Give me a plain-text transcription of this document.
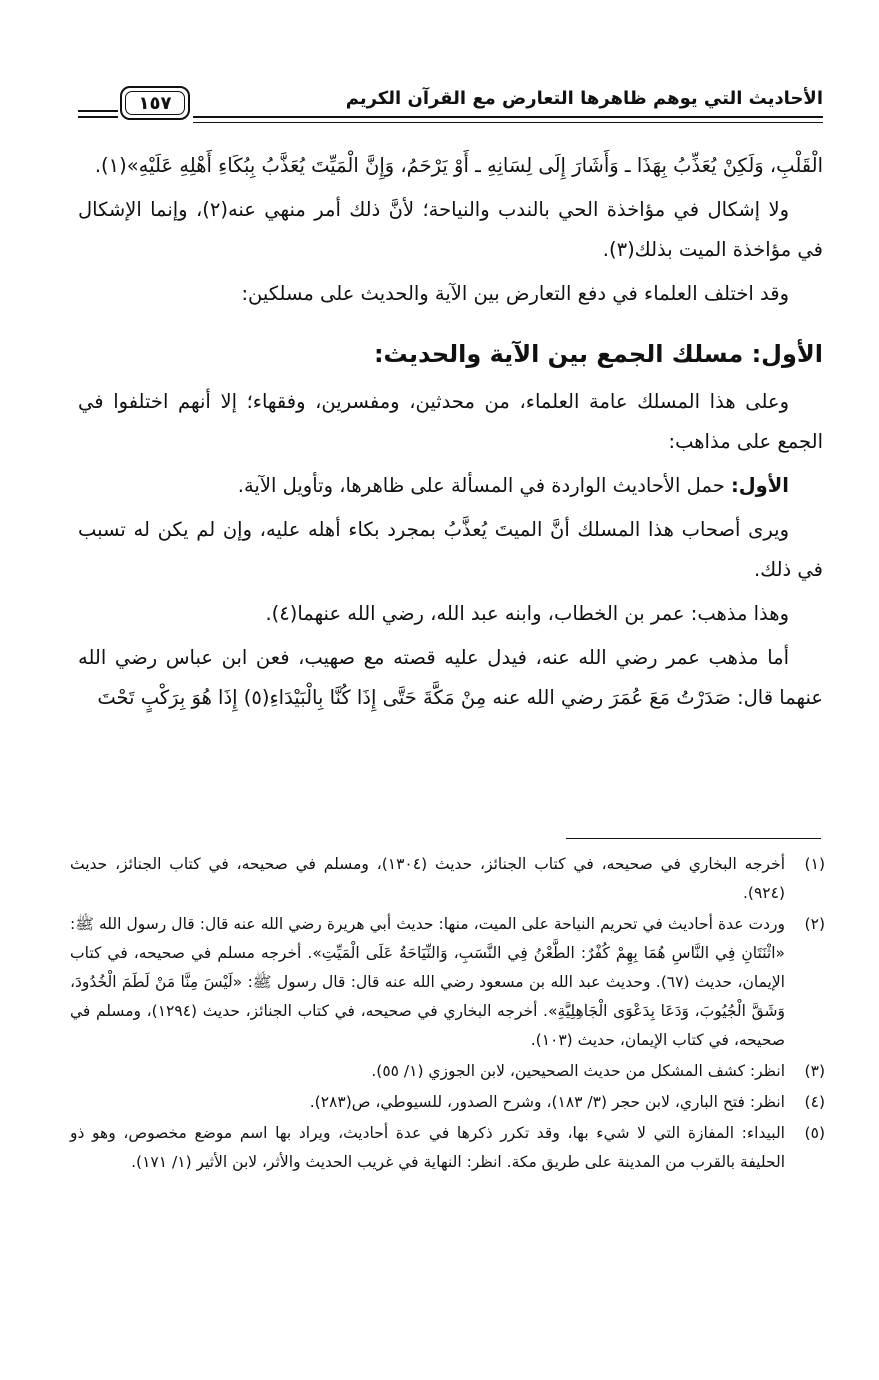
الأحاديث التي يوهم ظاهرها التعارض مع القرآن الكريم
١٥٧

الْقَلْبِ، وَلَكِنْ يُعَذِّبُ بِهَذَا ـ وَأَشَارَ إِلَى لِسَانِهِ ـ أَوْ يَرْحَمُ، وَإِنَّ الْمَيِّتَ يُعَذَّبُ بِبُكَاءِ أَهْلِهِ عَلَيْهِ»(١).

ولا إشكال في مؤاخذة الحي بالندب والنياحة؛ لأنَّ ذلك أمر منهي عنه(٢)، وإنما الإشكال في مؤاخذة الميت بذلك(٣).

وقد اختلف العلماء في دفع التعارض بين الآية والحديث على مسلكين:

الأول: مسلك الجمع بين الآية والحديث:

وعلى هذا المسلك عامة العلماء، من محدثين، ومفسرين، وفقهاء؛ إلا أنهم اختلفوا في الجمع على مذاهب:

الأول: حمل الأحاديث الواردة في المسألة على ظاهرها، وتأويل الآية.

ويرى أصحاب هذا المسلك أنَّ الميتَ يُعذَّبُ بمجرد بكاء أهله عليه، وإن لم يكن له تسبب في ذلك.

وهذا مذهب: عمر بن الخطاب، وابنه عبد الله، رضي الله عنهما(٤).

أما مذهب عمر رضي الله عنه، فيدل عليه قصته مع صهيب، فعن ابن عباس رضي الله عنهما قال: صَدَرْتُ مَعَ عُمَرَ رضي الله عنه مِنْ مَكَّةَ حَتَّى إِذَا كُنَّا بِالْبَيْدَاءِ(٥) إِذَا هُوَ بِرَكْبٍ تَحْتَ

(١)
أخرجه البخاري في صحيحه، في كتاب الجنائز، حديث (١٣٠٤)، ومسلم في صحيحه، في كتاب الجنائز، حديث (٩٢٤).
(٢)
وردت عدة أحاديث في تحريم النياحة على الميت، منها: حديث أبي هريرة رضي الله عنه قال: قال رسول الله ﷺ: «اثْنَتَانِ فِي النَّاسِ هُمَا بِهِمْ كُفْرٌ: الطَّعْنُ فِي النَّسَبِ، وَالنِّيَاحَةُ عَلَى الْمَيِّتِ». أخرجه مسلم في صحيحه، في كتاب الإيمان، حديث (٦٧). وحديث عبد الله بن مسعود رضي الله عنه قال: قال رسول ﷺ: «لَيْسَ مِنَّا مَنْ لَطَمَ الْخُدُودَ، وَشَقَّ الْجُيُوبَ، وَدَعَا بِدَعْوَى الْجَاهِلِيَّةِ». أخرجه البخاري في صحيحه، في كتاب الجنائز، حديث (١٢٩٤)، ومسلم في صحيحه، في كتاب الإيمان، حديث (١٠٣).
(٣)
انظر: كشف المشكل من حديث الصحيحين، لابن الجوزي (١/ ٥٥).
(٤)
انظر: فتح الباري، لابن حجر (٣/ ١٨٣)، وشرح الصدور، للسيوطي، ص(٢٨٣).
(٥)
البيداء: المفازة التي لا شيء بها، وقد تكرر ذكرها في عدة أحاديث، ويراد بها اسم موضع مخصوص، وهو ذو الحليفة بالقرب من المدينة على طريق مكة. انظر: النهاية في غريب الحديث والأثر، لابن الأثير (١/ ١٧١).
